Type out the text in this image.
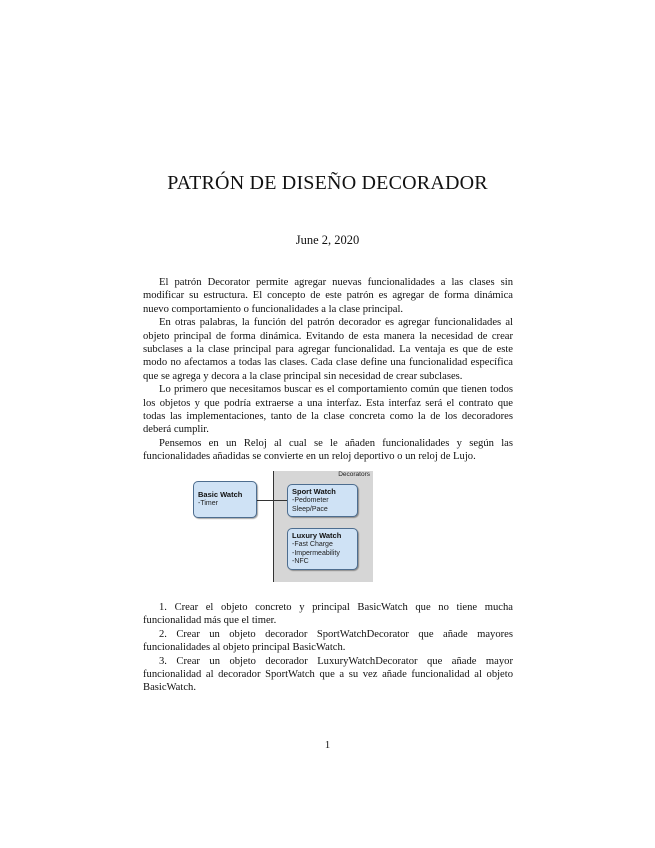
PATRÓN DE DISEÑO DECORADOR
June 2, 2020

El patrón Decorator permite agregar nuevas funcionalidades a las clases sin modificar su estructura. El concepto de este patrón es agregar de forma dinámica nuevo comportamiento o funcionalidades a la clase principal.

En otras palabras, la función del patrón decorador es agregar funcionalidades al objeto principal de forma dinámica. Evitando de esta manera la necesidad de crear subclases a la clase principal para agregar funcionalidad. La ventaja es que de este modo no afectamos a todas las clases. Cada clase define una funcionalidad específica que se agrega y decora a la clase principal sin necesidad de crear subclases.

Lo primero que necesitamos buscar es el comportamiento común que tienen todos los objetos y que podría extraerse a una interfaz. Esta interfaz será el contrato que todas las implementaciones, tanto de la clase concreta como la de los decoradores deberá cumplir.

Pensemos en un Reloj al cual se le añaden funcionalidades y según las funcionalidades añadidas se convierte en un reloj deportivo o un reloj de Lujo.

Decorators
Basic Watch
-Timer
Sport Watch
-Pedometer
Sleep/Pace
Luxury Watch
-Fast Charge
-Impermeability
-NFC

1. Crear el objeto concreto y principal BasicWatch que no tiene mucha funcionalidad más que el timer.

2. Crear un objeto decorador SportWatchDecorator que añade mayores funcionalidades al objeto principal BasicWatch.

3. Crear un objeto decorador LuxuryWatchDecorator que añade mayor funcionalidad al decorador SportWatch que a su vez añade funcionalidad al objeto BasicWatch.

1
